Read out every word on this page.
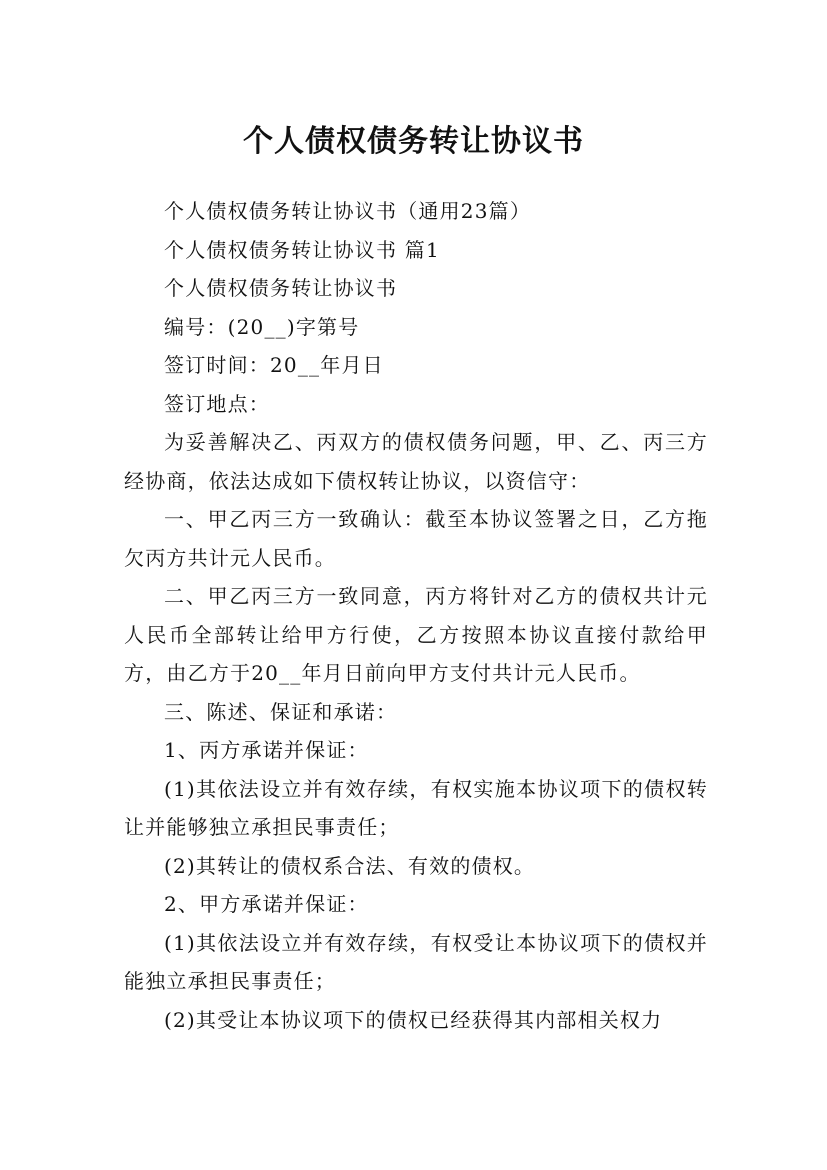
个人债权债务转让协议书

个人债权债务转让协议书（通用23篇）

个人债权债务转让协议书 篇1

个人债权债务转让协议书

编号：(20__)字第号

签订时间：20__年月日

签订地点：

为妥善解决乙、丙双方的债权债务问题，甲、乙、丙三方经协商，依法达成如下债权转让协议，以资信守：

一、甲乙丙三方一致确认：截至本协议签署之日，乙方拖欠丙方共计元人民币。

二、甲乙丙三方一致同意，丙方将针对乙方的债权共计元人民币全部转让给甲方行使，乙方按照本协议直接付款给甲方，由乙方于20__年月日前向甲方支付共计元人民币。

三、陈述、保证和承诺：

1、丙方承诺并保证：

(1)其依法设立并有效存续，有权实施本协议项下的债权转让并能够独立承担民事责任；

(2)其转让的债权系合法、有效的债权。

2、甲方承诺并保证：

(1)其依法设立并有效存续，有权受让本协议项下的债权并能独立承担民事责任；

(2)其受让本协议项下的债权已经获得其内部相关权力
